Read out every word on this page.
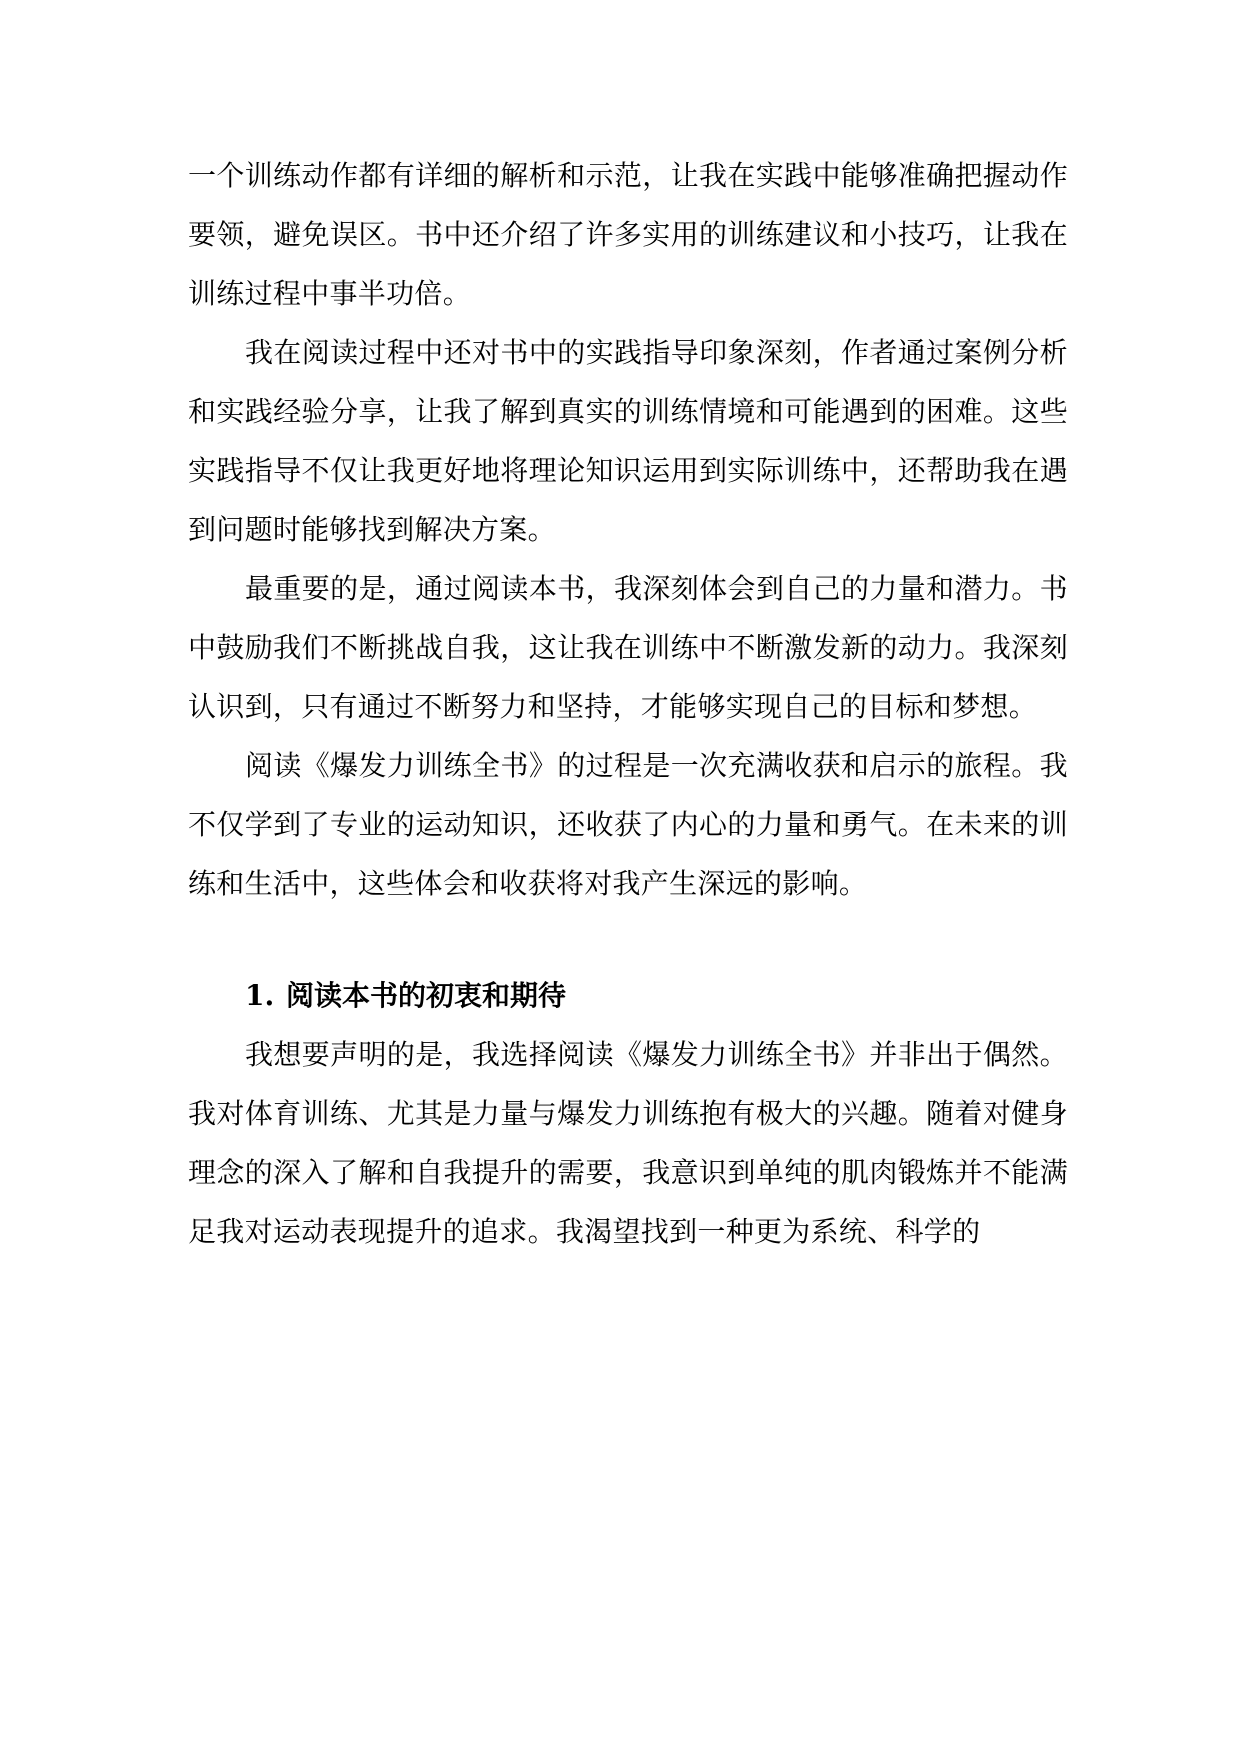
一个训练动作都有详细的解析和示范，让我在实践中能够准确把握动作要领，避免误区。书中还介绍了许多实用的训练建议和小技巧，让我在训练过程中事半功倍。

我在阅读过程中还对书中的实践指导印象深刻，作者通过案例分析和实践经验分享，让我了解到真实的训练情境和可能遇到的困难。这些实践指导不仅让我更好地将理论知识运用到实际训练中，还帮助我在遇到问题时能够找到解决方案。

最重要的是，通过阅读本书，我深刻体会到自己的力量和潜力。书中鼓励我们不断挑战自我，这让我在训练中不断激发新的动力。我深刻认识到，只有通过不断努力和坚持，才能够实现自己的目标和梦想。

阅读《爆发力训练全书》的过程是一次充满收获和启示的旅程。我不仅学到了专业的运动知识，还收获了内心的力量和勇气。在未来的训练和生活中，这些体会和收获将对我产生深远的影响。

1. 阅读本书的初衷和期待

我想要声明的是，我选择阅读《爆发力训练全书》并非出于偶然。我对体育训练、尤其是力量与爆发力训练抱有极大的兴趣。随着对健身理念的深入了解和自我提升的需要，我意识到单纯的肌肉锻炼并不能满足我对运动表现提升的追求。我渴望找到一种更为系统、科学的
